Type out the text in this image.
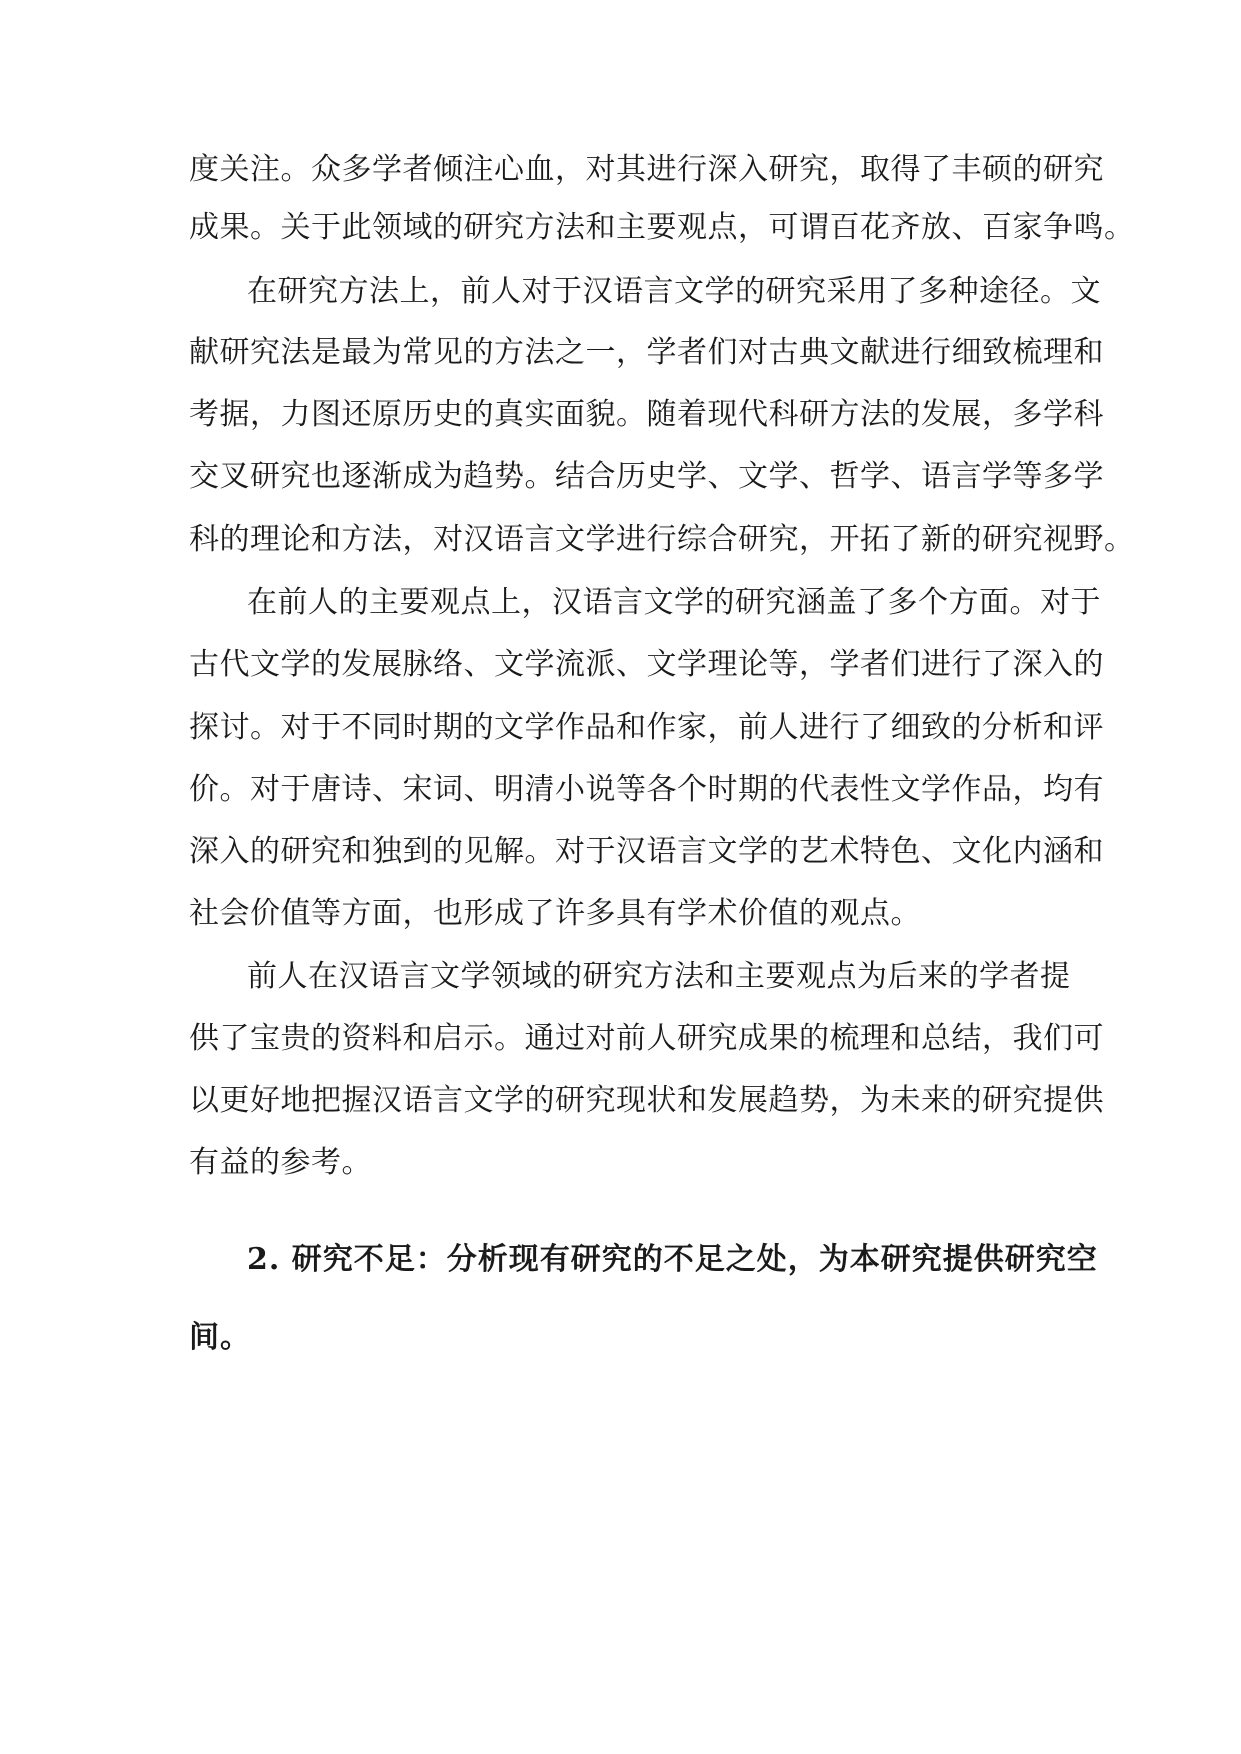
度关注。众多学者倾注心血，对其进行深入研究，取得了丰硕的研究
成果。关于此领域的研究方法和主要观点，可谓百花齐放、百家争鸣。
在研究方法上，前人对于汉语言文学的研究采用了多种途径。文
献研究法是最为常见的方法之一，学者们对古典文献进行细致梳理和
考据，力图还原历史的真实面貌。随着现代科研方法的发展，多学科
交叉研究也逐渐成为趋势。结合历史学、文学、哲学、语言学等多学
科的理论和方法，对汉语言文学进行综合研究，开拓了新的研究视野。
在前人的主要观点上，汉语言文学的研究涵盖了多个方面。对于
古代文学的发展脉络、文学流派、文学理论等，学者们进行了深入的
探讨。对于不同时期的文学作品和作家，前人进行了细致的分析和评
价。对于唐诗、宋词、明清小说等各个时期的代表性文学作品，均有
深入的研究和独到的见解。对于汉语言文学的艺术特色、文化内涵和
社会价值等方面，也形成了许多具有学术价值的观点。
前人在汉语言文学领域的研究方法和主要观点为后来的学者提
供了宝贵的资料和启示。通过对前人研究成果的梳理和总结，我们可
以更好地把握汉语言文学的研究现状和发展趋势，为未来的研究提供
有益的参考。
2. 研究不足：分析现有研究的不足之处，为本研究提供研究空
间。
